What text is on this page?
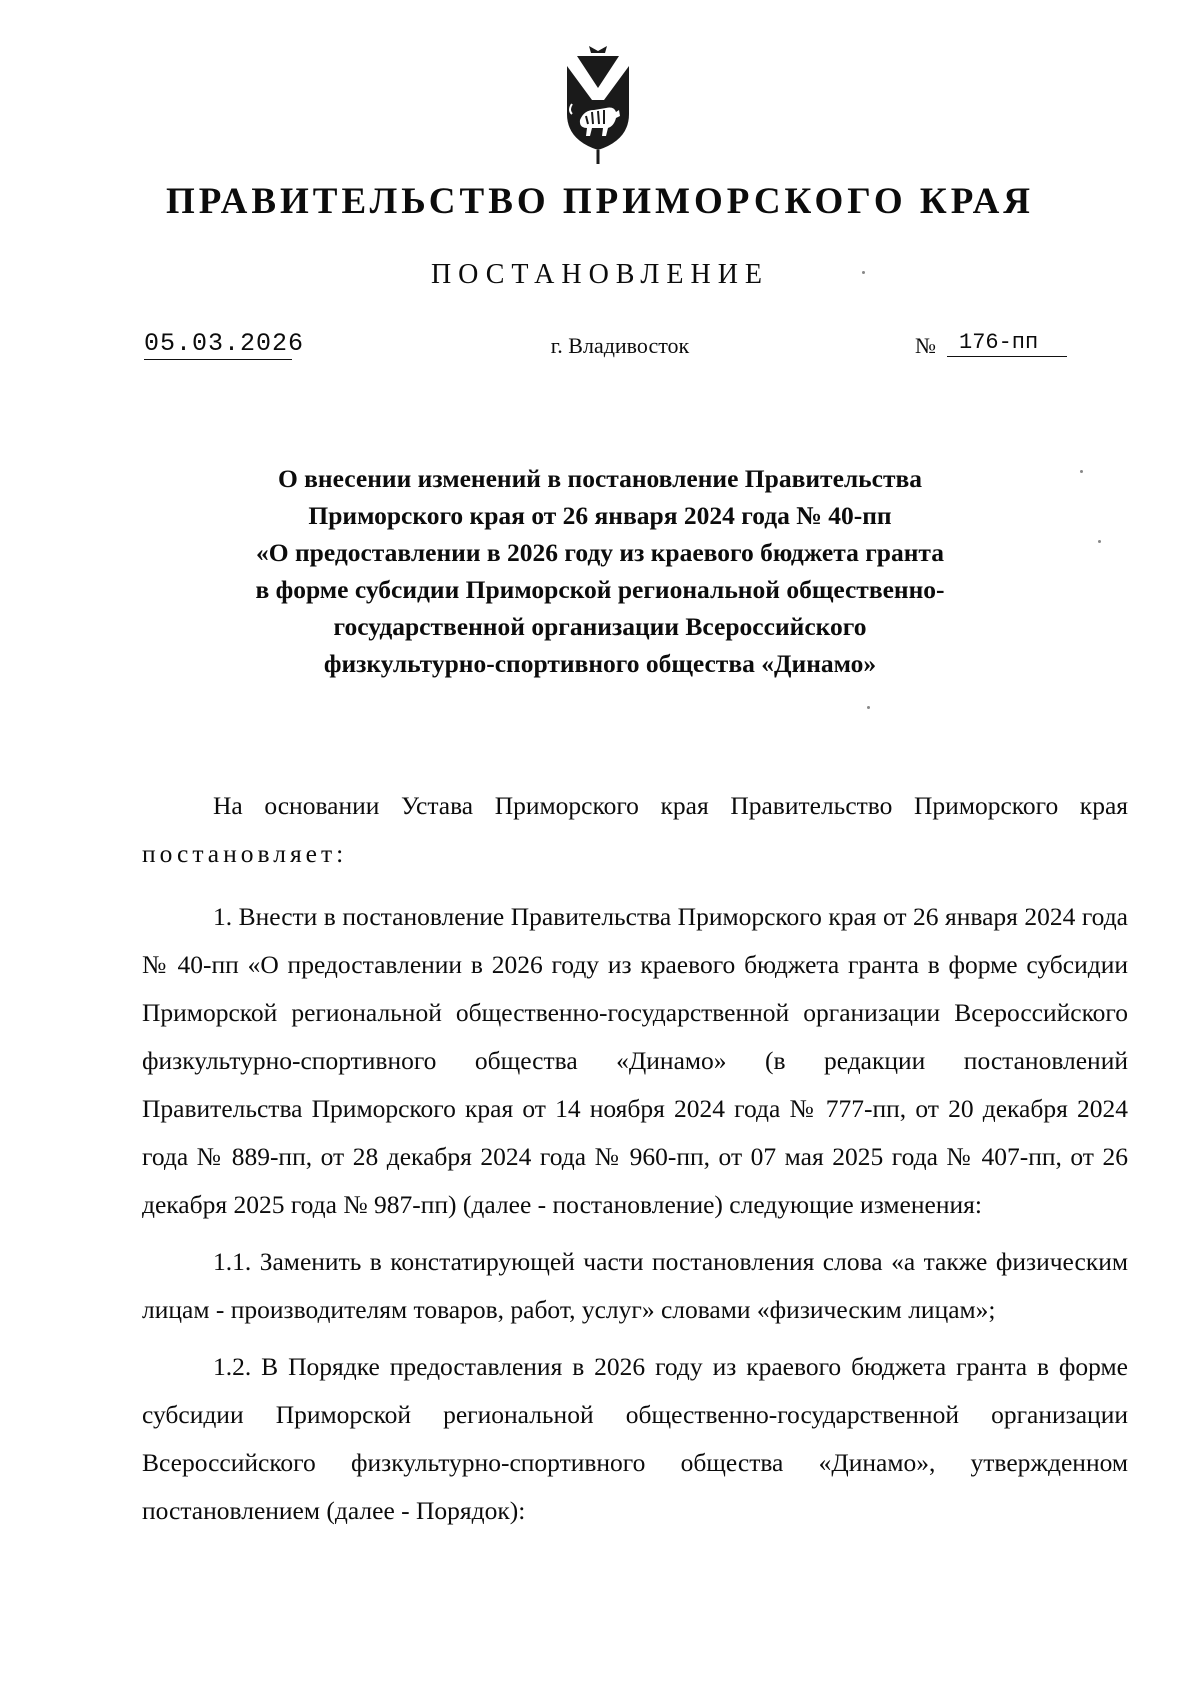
ПРАВИТЕЛЬСТВО ПРИМОРСКОГО КРАЯ
ПОСТАНОВЛЕНИЕ
05.03.2026	г. Владивосток	№	176-пп
О внесении изменений в постановление Правительства
Приморского края от 26 января 2024 года № 40-пп
«О предоставлении в 2026 году из краевого бюджета гранта
в форме субсидии Приморской региональной общественно-
государственной организации Всероссийского
физкультурно-спортивного общества «Динамо»

На основании Устава Приморского края Правительство Приморского края постановляет:

1. Внести в постановление Правительства Приморского края от 26 января 2024 года № 40-пп «О предоставлении в 2026 году из краевого бюджета гранта в форме субсидии Приморской региональной общественно-государственной организации Всероссийского физкультурно-спортивного общества «Динамо» (в редакции постановлений Правительства Приморского края от 14 ноября 2024 года № 777-пп, от 20 декабря 2024 года № 889-пп, от 28 декабря 2024 года № 960-пп, от 07 мая 2025 года № 407-пп, от 26 декабря 2025 года № 987-пп) (далее - постановление) следующие изменения:

1.1. Заменить в констатирующей части постановления слова «а также физическим лицам - производителям товаров, работ, услуг» словами «физическим лицам»;

1.2. В Порядке предоставления в 2026 году из краевого бюджета гранта в форме субсидии Приморской региональной общественно-государственной организации Всероссийского физкультурно-спортивного общества «Динамо», утвержденном постановлением (далее - Порядок):
